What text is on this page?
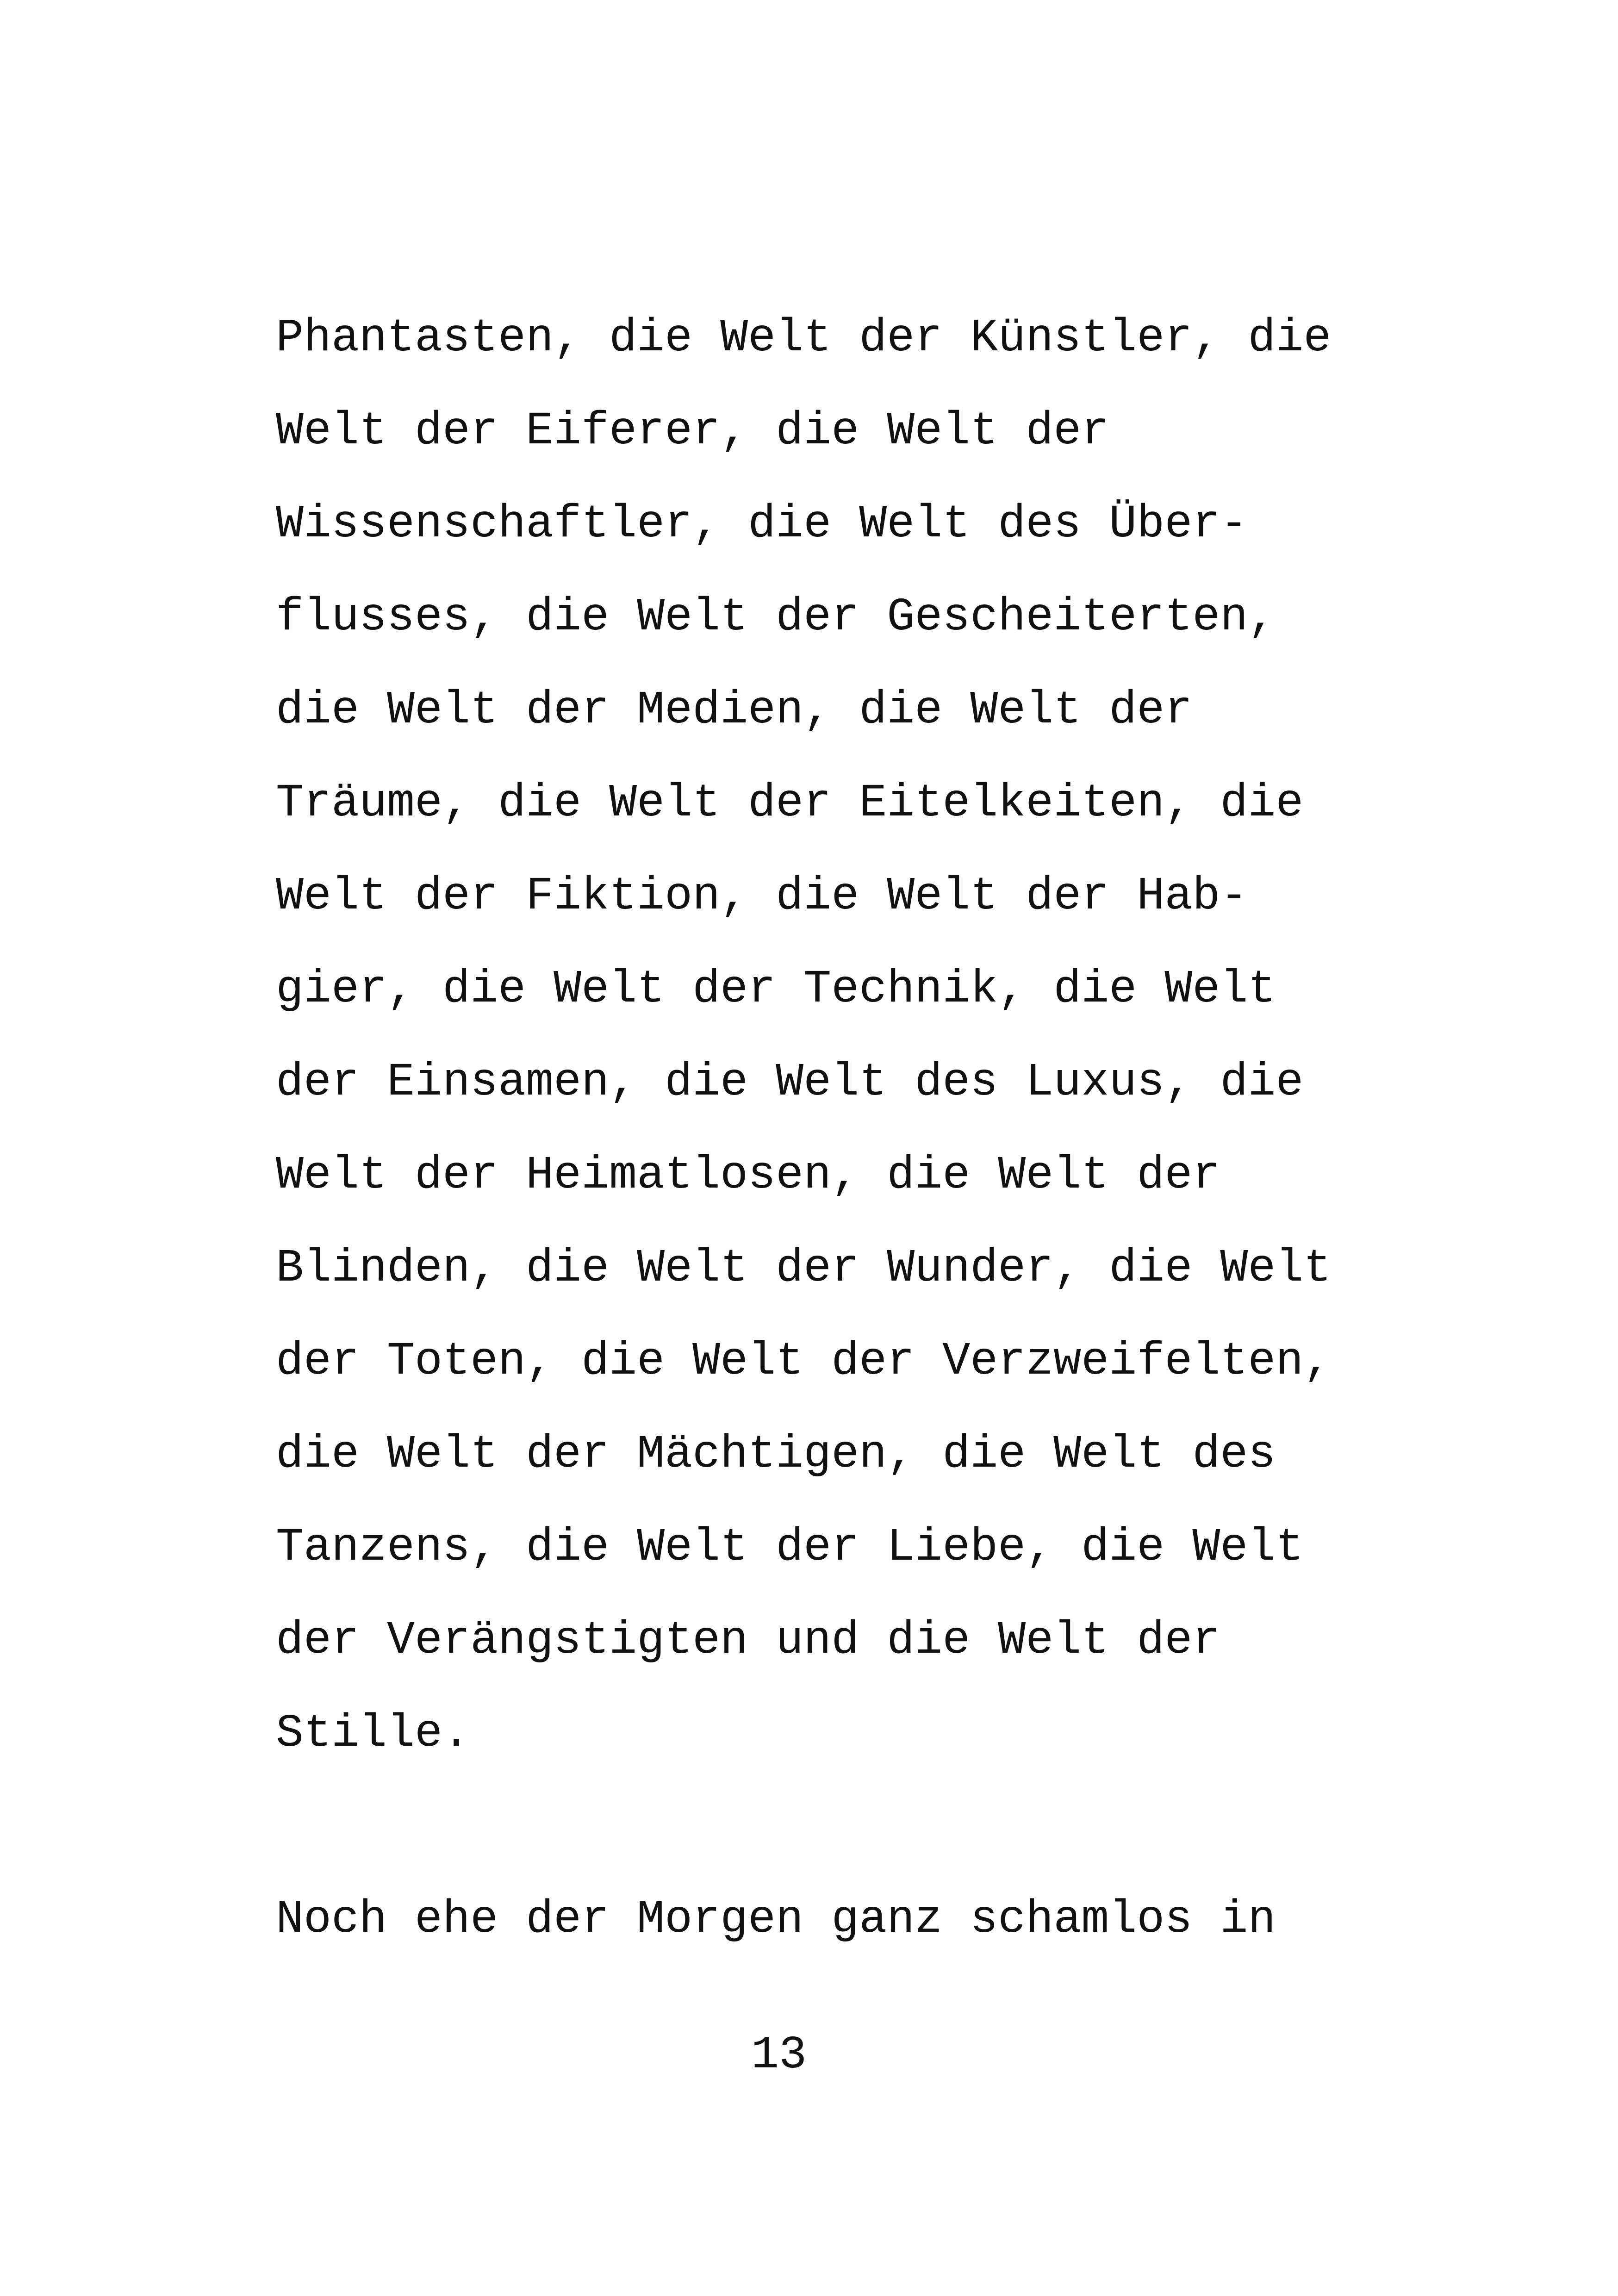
Phantasten, die Welt der Künstler, die
Welt der Eiferer, die Welt der
Wissenschaftler, die Welt des Über-
flusses, die Welt der Gescheiterten,
die Welt der Medien, die Welt der
Träume, die Welt der Eitelkeiten, die
Welt der Fiktion, die Welt der Hab-
gier, die Welt der Technik, die Welt
der Einsamen, die Welt des Luxus, die
Welt der Heimatlosen, die Welt der
Blinden, die Welt der Wunder, die Welt
der Toten, die Welt der Verzweifelten,
die Welt der Mächtigen, die Welt des
Tanzens, die Welt der Liebe, die Welt
der Verängstigten und die Welt der
Stille.
Noch ehe der Morgen ganz schamlos in
13
